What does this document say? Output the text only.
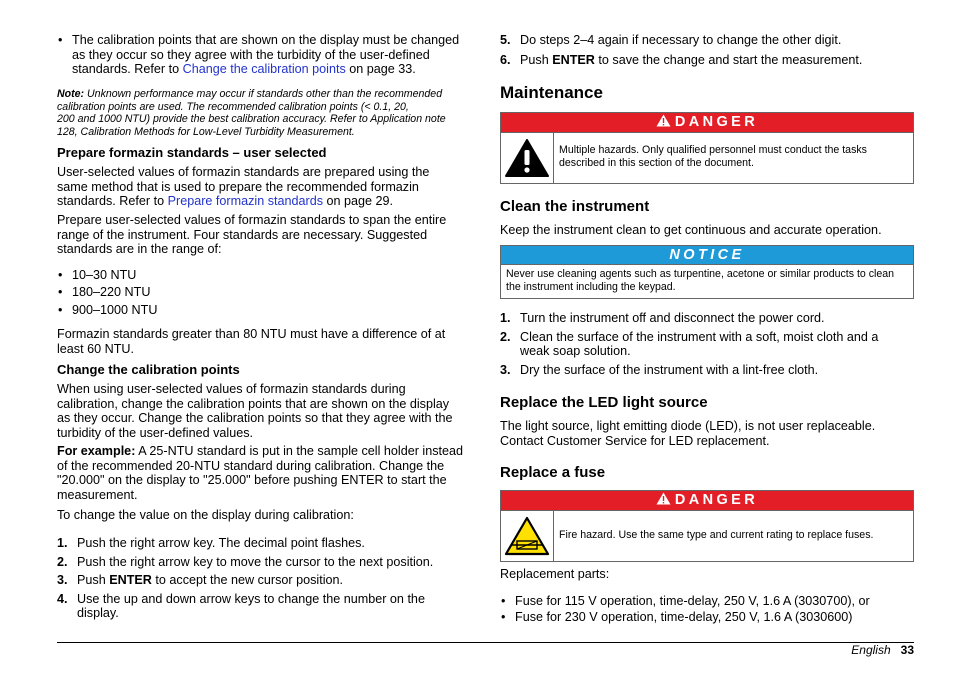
• The calibration points that are shown on the display must be changed as they occur so they agree with the turbidity of the user-defined standards. Refer to Change the calibration points on page 33.

Note: Unknown performance may occur if standards other than the recommended
calibration points are used. The recommended calibration points (< 0.1, 20,
200 and 1000 NTU) provide the best calibration accuracy. Refer to Application note
128, Calibration Methods for Low-Level Turbidity Measurement.

Prepare formazin standards – user selected

User-selected values of formazin standards are prepared using the same method that is used to prepare the recommended formazin standards. Refer to Prepare formazin standards on page 29.

Prepare user-selected values of formazin standards to span the entire range of the instrument. Four standards are necessary. Suggested standards are in the range of:

• 10–30 NTU
• 180–220 NTU
• 900–1000 NTU

Formazin standards greater than 80 NTU must have a difference of at least 60 NTU.

Change the calibration points

When using user-selected values of formazin standards during calibration, change the calibration points that are shown on the display as they occur. Change the calibration points so that they agree with the turbidity of the user-defined values.

For example: A 25-NTU standard is put in the sample cell holder instead of the recommended 20-NTU standard during calibration. Change the "20.000" on the display to "25.000" before pushing ENTER to start the measurement.

To change the value on the display during calibration:

1. Push the right arrow key. The decimal point flashes.
2. Push the right arrow key to move the cursor to the next position.
3. Push ENTER to accept the new cursor position.
4. Use the up and down arrow keys to change the number on the display.
5. Do steps 2–4 again if necessary to change the other digit.
6. Push ENTER to save the change and start the measurement.

Maintenance

DANGER

Multiple hazards. Only qualified personnel must conduct the tasks described in this section of the document.

Clean the instrument

Keep the instrument clean to get continuous and accurate operation.

NOTICE

Never use cleaning agents such as turpentine, acetone or similar products to clean the instrument including the keypad.

1. Turn the instrument off and disconnect the power cord.
2. Clean the surface of the instrument with a soft, moist cloth and a weak soap solution.
3. Dry the surface of the instrument with a lint-free cloth.

Replace the LED light source

The light source, light emitting diode (LED), is not user replaceable. Contact Customer Service for LED replacement.

Replace a fuse

DANGER

Fire hazard. Use the same type and current rating to replace fuses.

Replacement parts:

• Fuse for 115 V operation, time-delay, 250 V, 1.6 A (3030700), or
• Fuse for 230 V operation, time-delay, 250 V, 1.6 A (3030600)
English 33
